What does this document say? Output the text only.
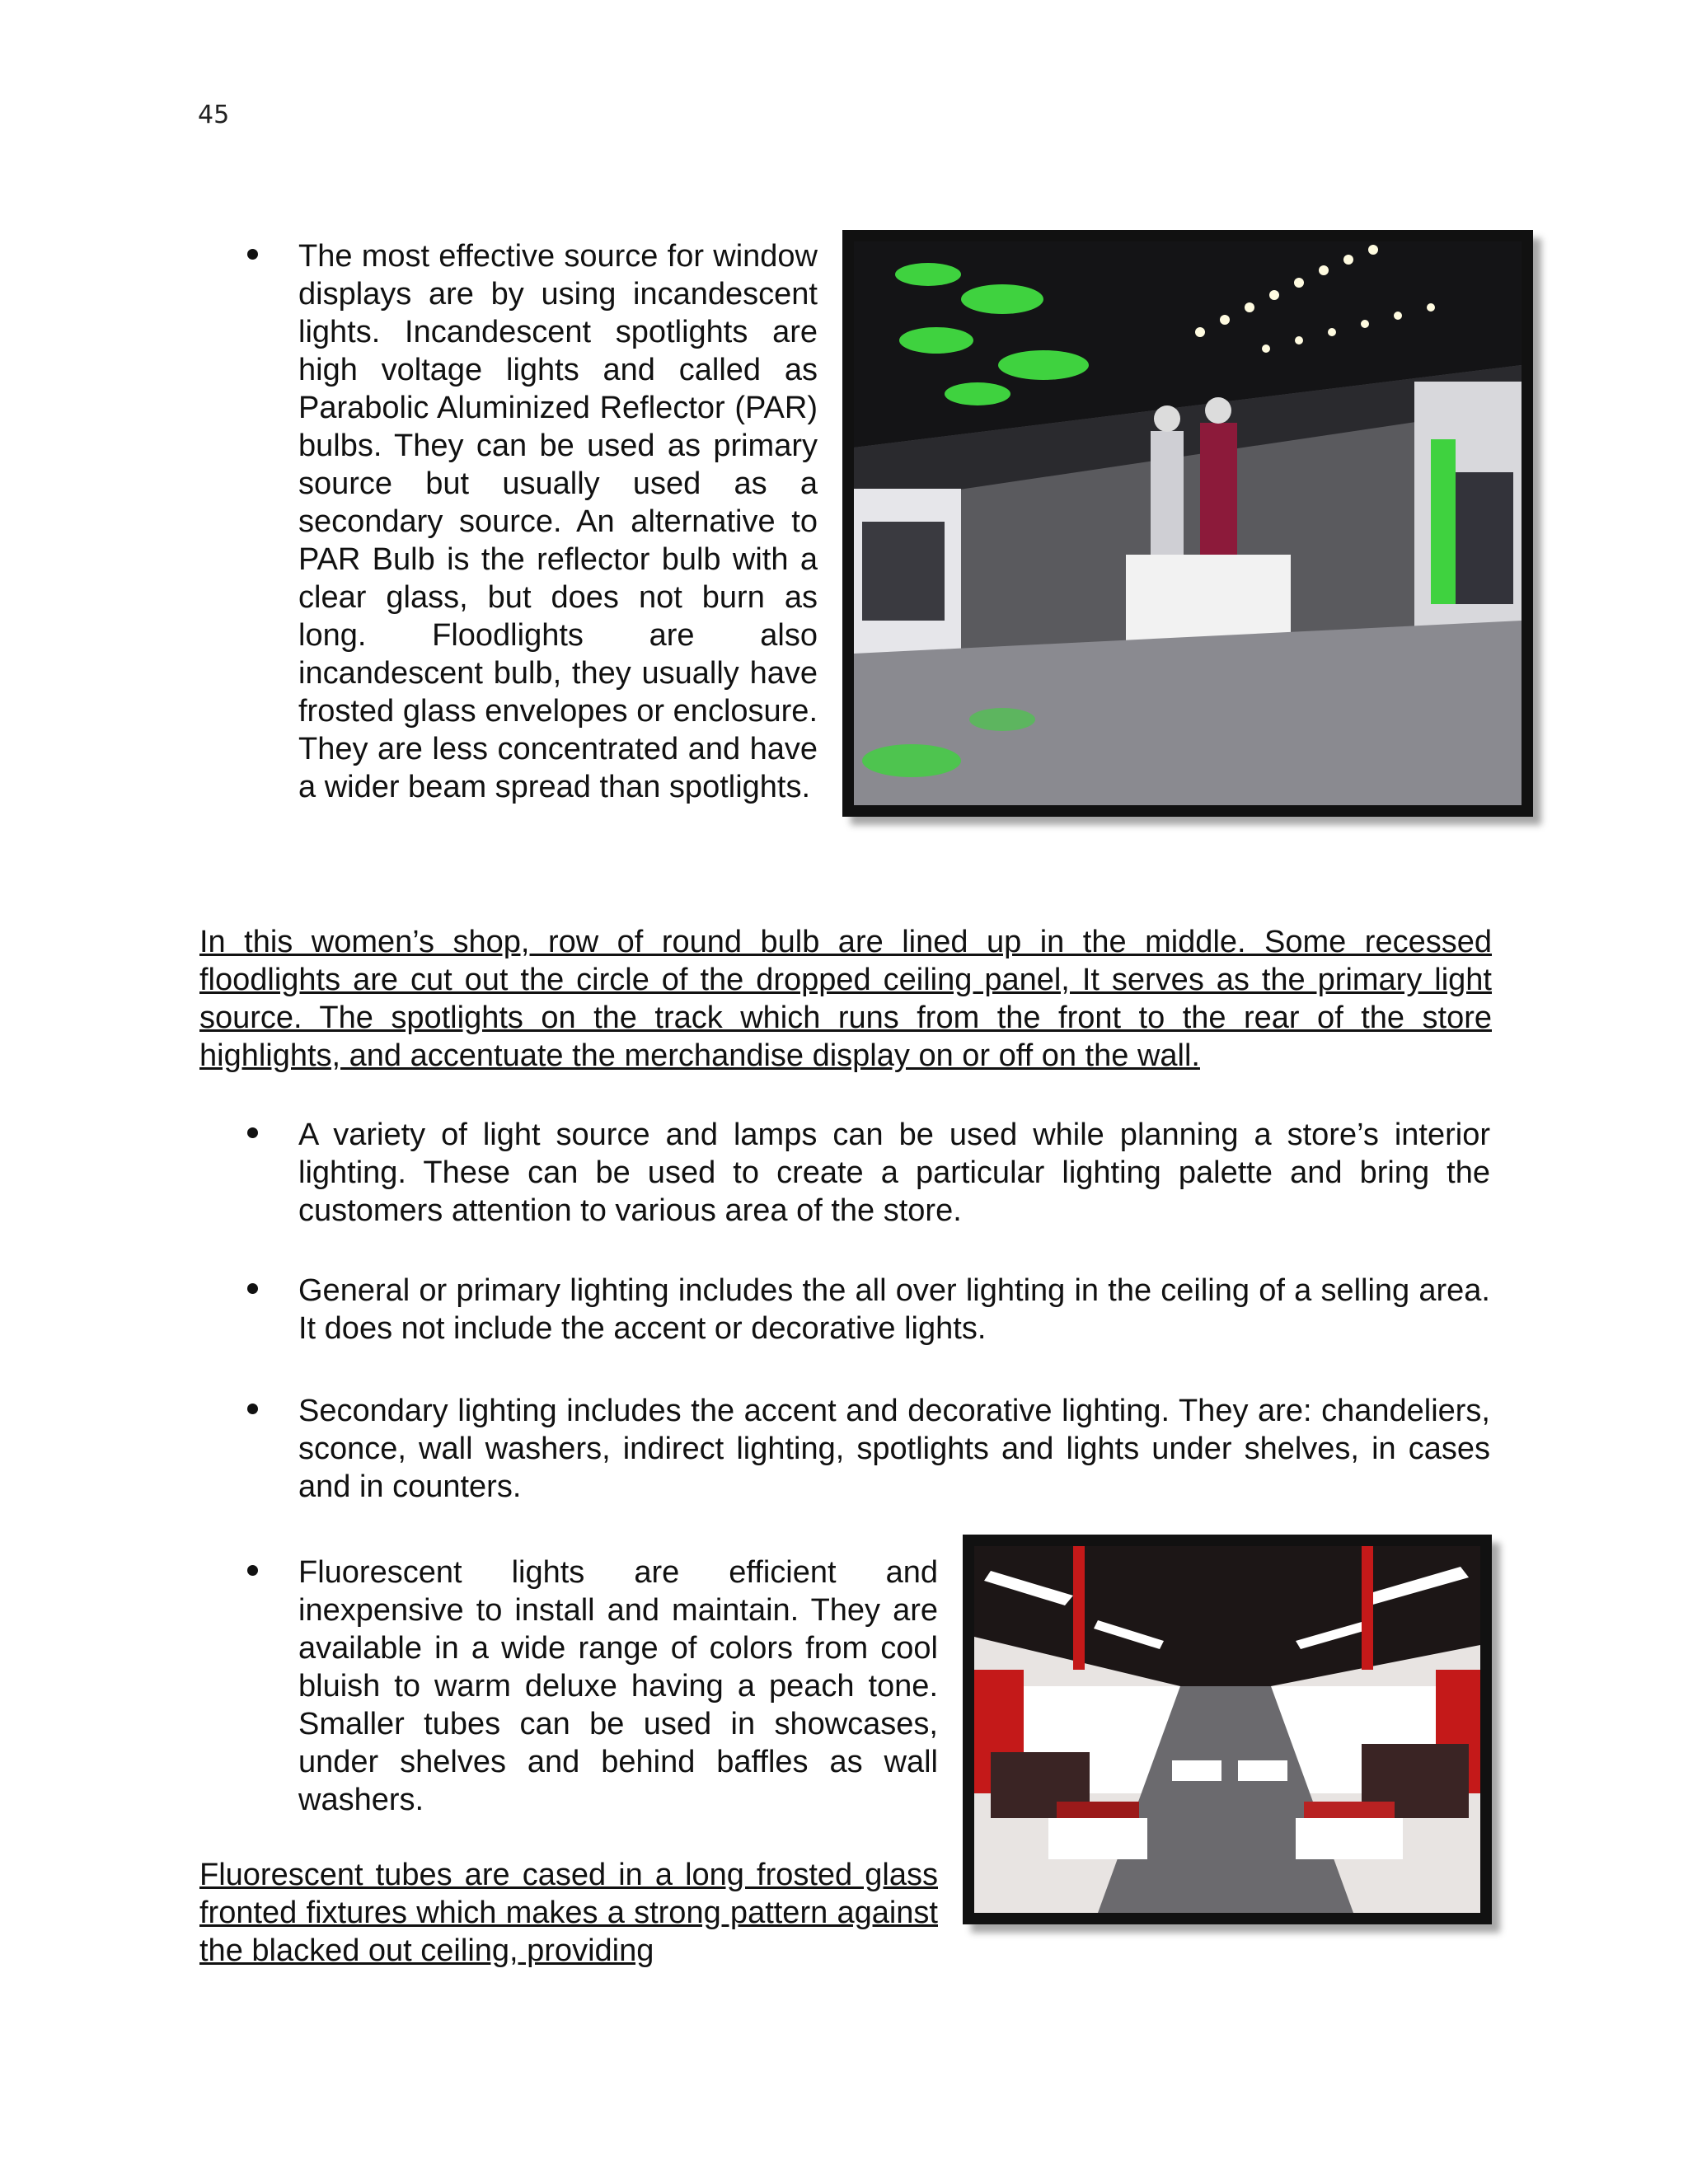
45
The most effective source for window displays are by using incandescent lights. Incandescent spotlights are high voltage lights and called as Parabolic Aluminized Reflector (PAR) bulbs. They can be used as primary source but usually used as a secondary source. An alternative to PAR Bulb is the reflector bulb with a clear glass, but does not burn as long. Floodlights are also incandescent bulb, they usually have frosted glass envelopes or enclosure. They are less concentrated and have a wider beam spread than spotlights.
In this women’s shop, row of round bulb are lined up in the middle. Some recessed floodlights are cut out the circle of the dropped ceiling panel, It serves as the primary light source. The spotlights on the track which runs from the front to the rear of the store highlights, and accentuate the merchandise display on or off on the wall.
A variety of light source and lamps can be used while planning a store’s interior lighting. These can be used to create a particular lighting palette and bring the customers attention to various area of the store.
General or primary lighting includes the all over lighting in the ceiling of a selling area. It does not include the accent or decorative lights.
Secondary lighting includes the accent and decorative lighting. They are: chandeliers, sconce, wall washers, indirect lighting, spotlights and lights under shelves, in cases and in counters.
Fluorescent lights are efficient and inexpensive to install and maintain. They are available in a wide range of colors from cool bluish to warm deluxe having a peach tone. Smaller tubes can be used in showcases, under shelves and behind baffles as wall washers.
Fluorescent tubes are cased in a long frosted glass fronted fixtures which makes a strong pattern against the blacked out ceiling, providing
